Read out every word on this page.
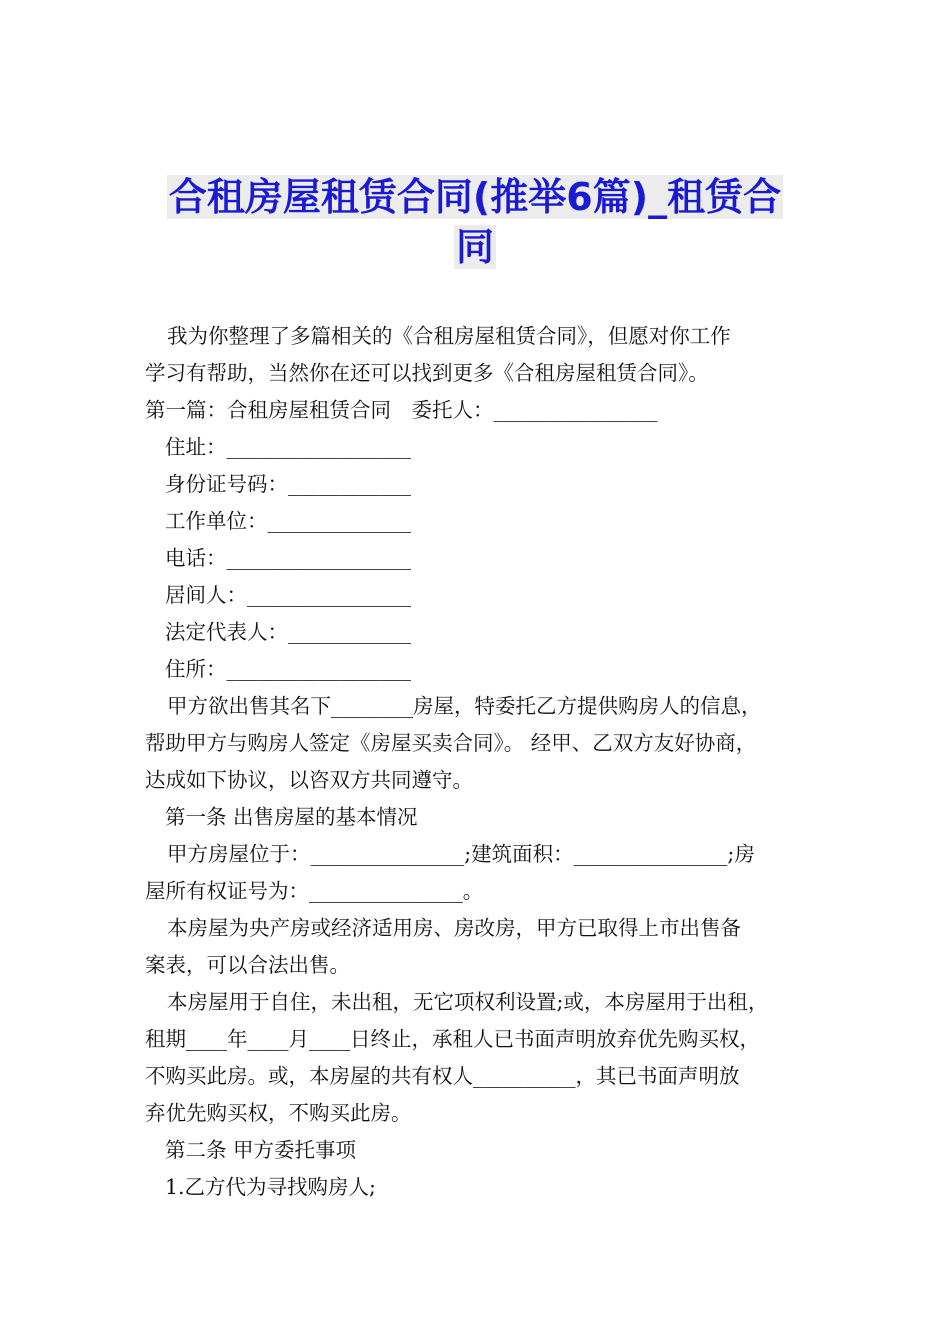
合租房屋租赁合同(推举6篇)_租赁合
同

我为你整理了多篇相关的《合租房屋租赁合同》，但愿对你工作

学习有帮助，当然你在还可以找到更多《合租房屋租赁合同》。

第一篇：合租房屋租赁合同　委托人：________________

住址：__________________

身份证号码：____________

工作单位：______________

电话：__________________

居间人：________________

法定代表人：____________

住所：__________________

甲方欲出售其名下________房屋，特委托乙方提供购房人的信息，

帮助甲方与购房人签定《房屋买卖合同》。 经甲、乙双方友好协商，

达成如下协议，以咨双方共同遵守。

第一条 出售房屋的基本情况

甲方房屋位于：_______________;建筑面积：_______________;房

屋所有权证号为：_______________。

本房屋为央产房或经济适用房、房改房，甲方已取得上市出售备

案表，可以合法出售。

本房屋用于自住，未出租，无它项权利设置;或，本房屋用于出租，

租期____年____月____日终止，承租人已书面声明放弃优先购买权，

不购买此房。或，本房屋的共有权人__________，其已书面声明放

弃优先购买权，不购买此房。

第二条 甲方委托事项

1.乙方代为寻找购房人;
